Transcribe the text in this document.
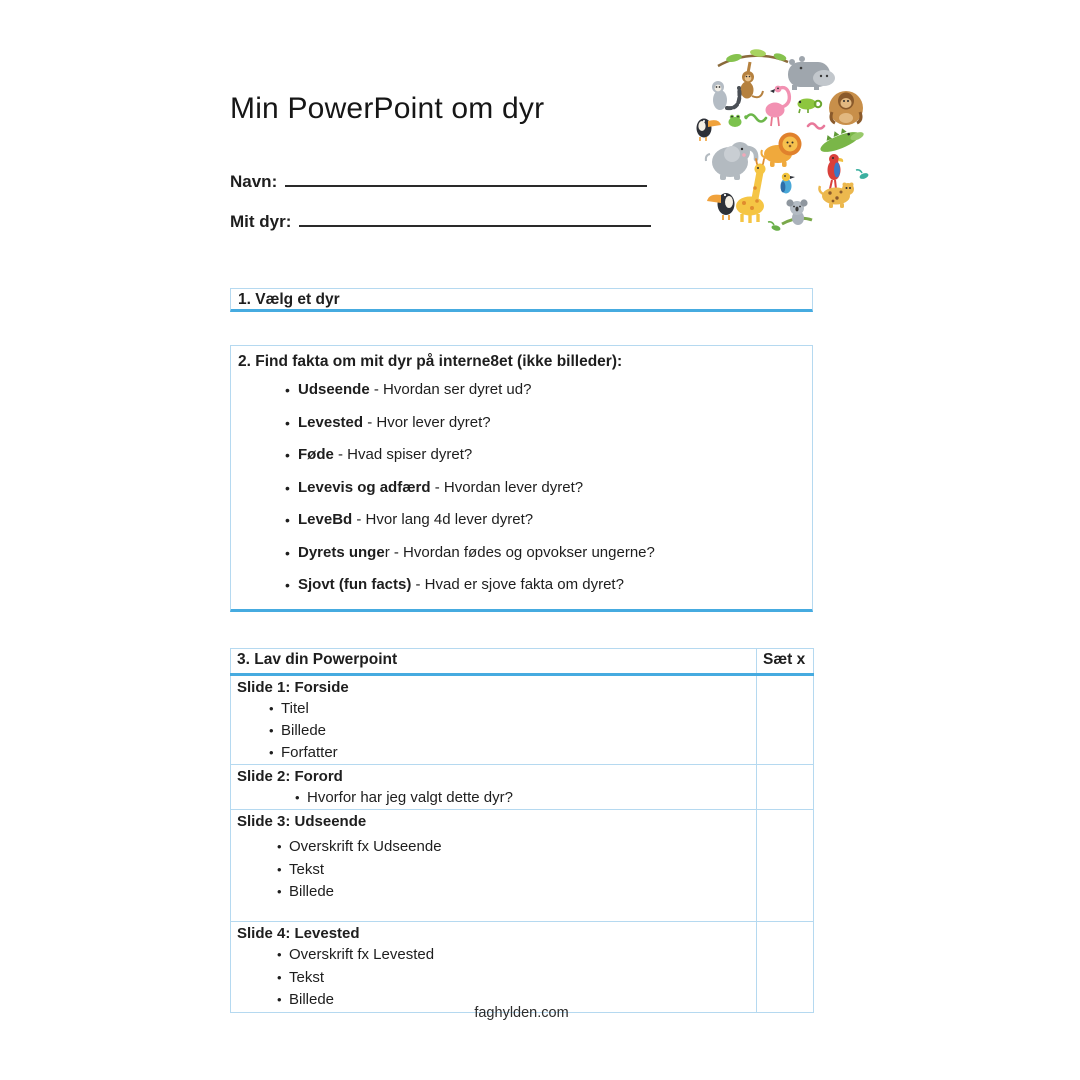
Min PowerPoint om dyr
Navn:
Mit dyr:
1. Vælg et dyr
2. Find fakta om mit dyr på interne8et (ikke billeder):
• Udseende - Hvordan ser dyret ud?
• Levested - Hvor lever dyret?
• Føde - Hvad spiser dyret?
• Levevis og adfærd - Hvordan lever dyret?
• LeveBd - Hvor lang 4d lever dyret?
• Dyrets unger - Hvordan fødes og opvokser ungerne?
• Sjovt (fun facts) - Hvad er sjove fakta om dyret?
3. Lav din Powerpoint	Sæt x

Slide 1: Forside
• Titel
• Billede
• Forfatter

Slide 2: Forord
• Hvorfor har jeg valgt dette dyr?

Slide 3: Udseende
• Overskrift fx Udseende
• Tekst
• Billede

Slide 4: Levested
• Overskrift fx Levested
• Tekst
• Billede

faghylden.com
